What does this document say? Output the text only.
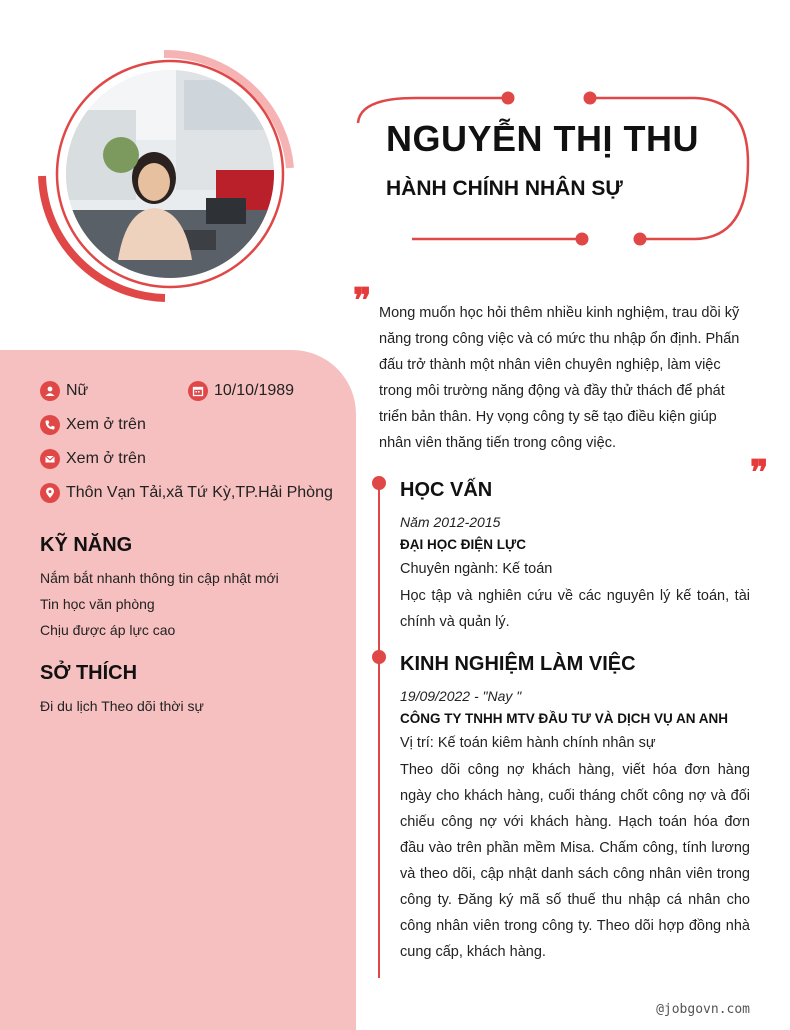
NGUYỄN THỊ THU
HÀNH CHÍNH NHÂN SỰ
❞ Mong muốn học hỏi thêm nhiều kinh nghiệm, trau dồi kỹ năng trong công việc và có mức thu nhập ổn định. Phấn đấu trở thành một nhân viên chuyên nghiệp, làm việc trong môi trường năng động và đầy thử thách để phát triển bản thân. Hy vọng công ty sẽ tạo điều kiện giúp nhân viên thăng tiến trong công việc.
❞
Nữ	10/10/1989
Xem ở trên
Xem ở trên
Thôn Vạn Tải,xã Tứ Kỳ,TP.Hải Phòng
KỸ NĂNG
Nắm bắt nhanh thông tin cập nhật mới
Tin học văn phòng
Chịu được áp lực cao
SỞ THÍCH
Đi du lịch Theo dõi thời sự
HỌC VẤN
Năm 2012-2015
ĐẠI HỌC ĐIỆN LỰC
Chuyên ngành: Kế toán
Học tập và nghiên cứu về các nguyên lý kế toán, tài
chính và quản lý.
KINH NGHIỆM LÀM VIỆC
19/09/2022 - "Nay "
CÔNG TY TNHH MTV ĐẦU TƯ VÀ DỊCH VỤ AN ANH
Vị trí: Kế toán kiêm hành chính nhân sự
Theo dõi công nợ khách hàng, viết hóa đơn hàng ngày cho khách hàng, cuối tháng chốt công nợ và đối chiếu công nợ với khách hàng. Hạch toán hóa đơn đầu vào trên phần mềm Misa. Chấm công, tính lương và theo dõi, cập nhật danh sách công nhân viên trong công ty. Đăng ký mã số thuế thu nhập cá nhân cho công nhân viên trong công ty. Theo dõi hợp đồng nhà cung cấp, khách hàng.
@jobgovn.com
